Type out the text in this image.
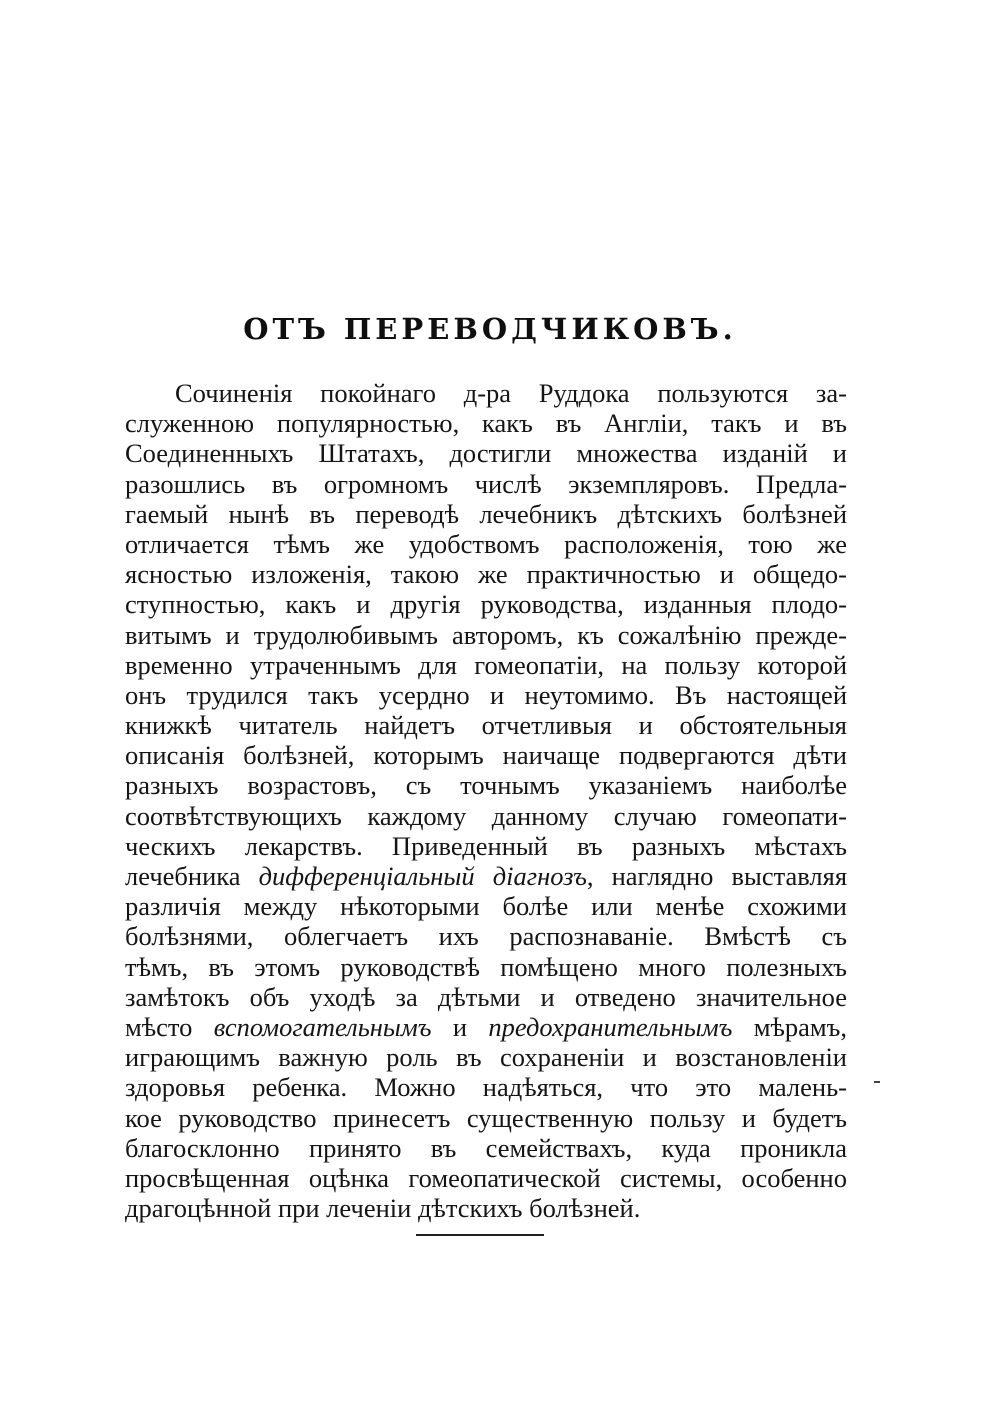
ОТЪ ПЕРЕВОДЧИКОВЪ.
Сочиненія покойнаго д-ра Руддока пользуются за-
служенною популярностью, какъ въ Англіи, такъ и въ
Соединенныхъ Штатахъ, достигли множества изданій и
разошлись въ огромномъ числѣ экземпляровъ. Предла-
гаемый нынѣ въ переводѣ лечебникъ дѣтскихъ болѣзней
отличается тѣмъ же удобствомъ расположенія, тою же
ясностью изложенія, такою же практичностью и общедо-
ступностью, какъ и другія руководства, изданныя плодо-
витымъ и трудолюбивымъ авторомъ, къ сожалѣнію прежде-
временно утраченнымъ для гомеопатіи, на пользу которой
онъ трудился такъ усердно и неутомимо. Въ настоящей
книжкѣ читатель найдетъ отчетливыя и обстоятельныя
описанія болѣзней, которымъ наичаще подвергаются дѣти
разныхъ возрастовъ, съ точнымъ указаніемъ наиболѣе
соотвѣтствующихъ каждому данному случаю гомеопати-
ческихъ лекарствъ. Приведенный въ разныхъ мѣстахъ
лечебника дифференціальный діагнозъ, наглядно выставляя
различія между нѣкоторыми болѣе или менѣе схожими
болѣзнями, облегчаетъ ихъ распознаваніе. Вмѣстѣ съ
тѣмъ, въ этомъ руководствѣ помѣщено много полезныхъ
замѣтокъ объ уходѣ за дѣтьми и отведено значительное
мѣсто вспомогательнымъ и предохранительнымъ мѣрамъ,
играющимъ важную роль въ сохраненіи и возстановленіи
здоровья ребенка. Можно надѣяться, что это малень-
кое руководство принесетъ существенную пользу и будетъ
благосклонно принято въ семействахъ, куда проникла
просвѣщенная оцѣнка гомеопатической системы, особенно
драгоцѣнной при леченіи дѣтскихъ болѣзней.
